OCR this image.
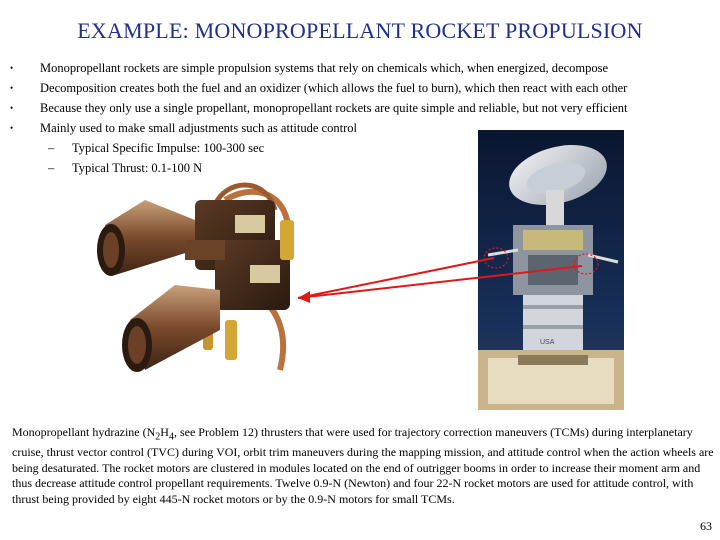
EXAMPLE: MONOPROPELLANT ROCKET PROPULSION
• Monopropellant rockets are simple propulsion systems that rely on chemicals which, when energized, decompose
• Decomposition creates both the fuel and an oxidizer (which allows the fuel to burn), which then react with each other
• Because they only use a single propellant, monopropellant rockets are quite simple and reliable, but not very efficient
• Mainly used to make small adjustments such as attitude control
– Typical Specific Impulse: 100-300 sec
– Typical Thrust: 0.1-100 N
USA
Monopropellant hydrazine ($N_2H_4$, see Problem 12) thrusters that were used for trajectory correction maneuvers (TCMs) during interplanetary cruise, thrust vector control (TVC) during VOI, orbit trim maneuvers during the mapping mission, and attitude control when the action wheels are being desaturated. The rocket motors are clustered in modules located on the end of outrigger booms in order to increase their moment arm and thus decrease attitude control propellant requirements. Twelve 0.9-N (Newton) and four 22-N rocket motors are used for attitude control, with thrust being provided by eight 445-N rocket motors or by the 0.9-N motors for small TCMs.
63
